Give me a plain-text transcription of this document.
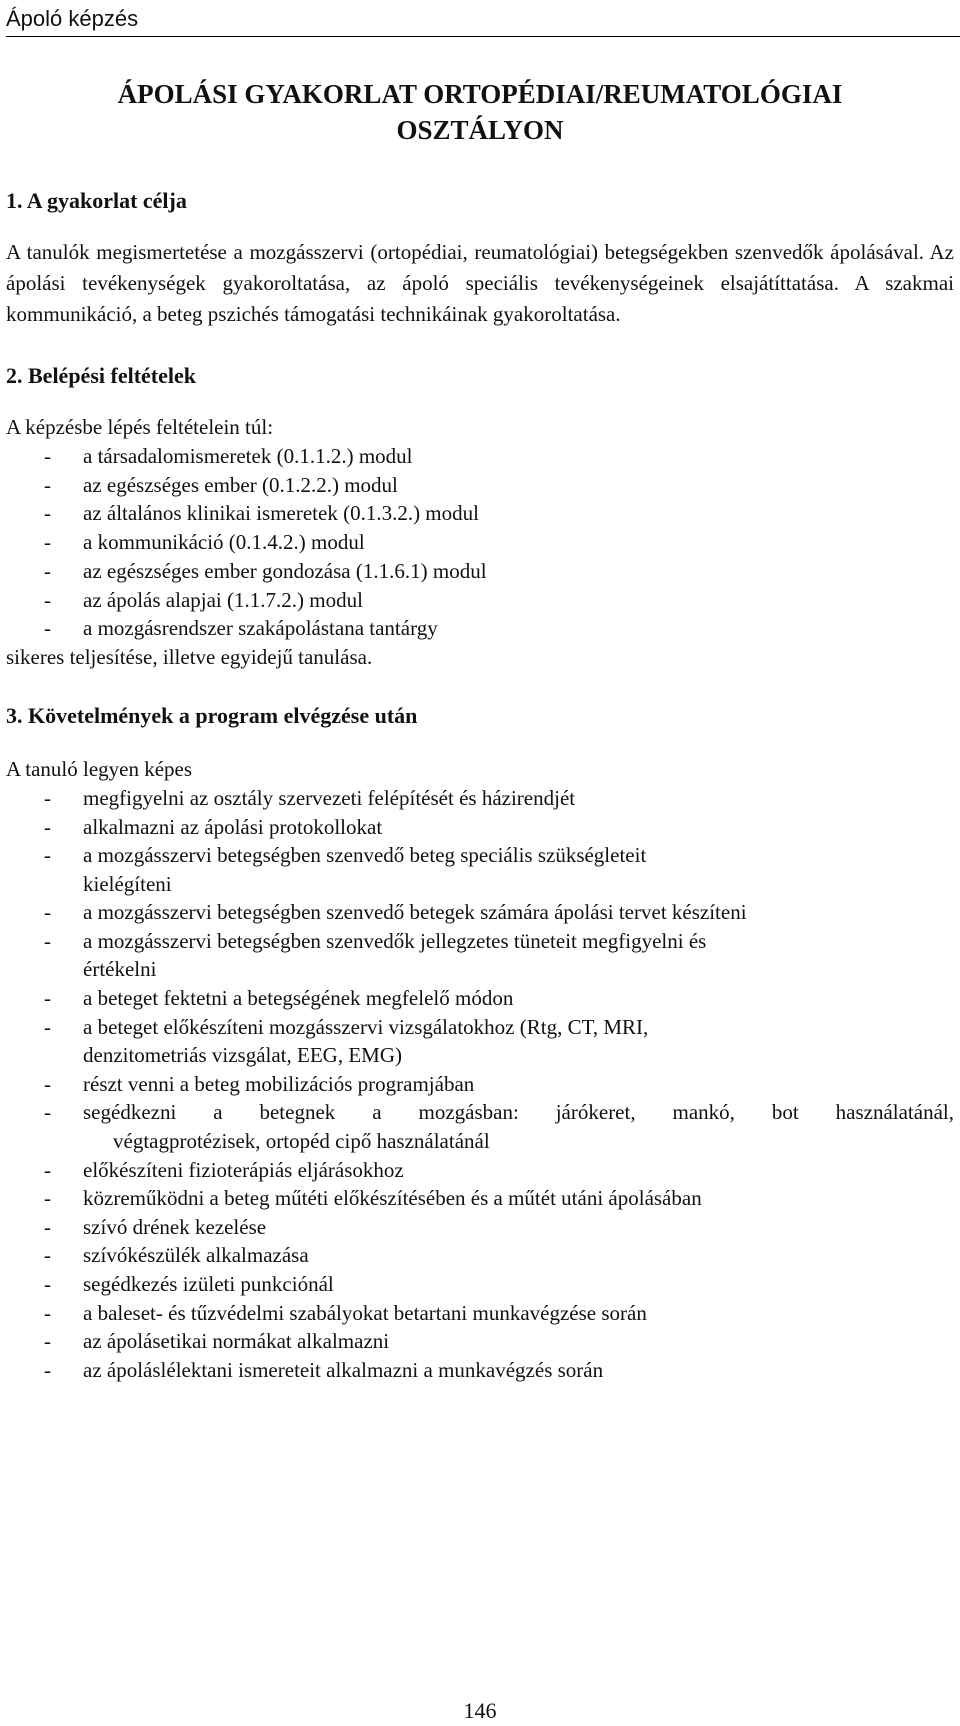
Ápoló képzés
ÁPOLÁSI GYAKORLAT ORTOPÉDIAI/REUMATOLÓGIAI
OSZTÁLYON
1. A gyakorlat célja

A tanulók megismertetése a mozgásszervi (ortopédiai, reumatológiai) betegségekben szenvedők ápolásával. Az ápolási tevékenységek gyakoroltatása, az ápoló speciális tevékenységeinek elsajátíttatása. A szakmai kommunikáció, a beteg pszichés támogatási technikáinak gyakoroltatása.

2. Belépési feltételek

A képzésbe lépés feltételein túl:

- a társadalomismeretek (0.1.1.2.) modul
- az egészséges ember (0.1.2.2.) modul
- az általános klinikai ismeretek (0.1.3.2.) modul
- a kommunikáció (0.1.4.2.) modul
- az egészséges ember gondozása (1.1.6.1) modul
- az ápolás alapjai (1.1.7.2.) modul
- a mozgásrendszer szakápolástana tantárgy

sikeres teljesítése, illetve egyidejű tanulása.

3. Követelmények a program elvégzése után

A tanuló legyen képes

- megfigyelni az osztály szervezeti felépítését és házirendjét
- alkalmazni az ápolási protokollokat
- a mozgásszervi betegségben szenvedő beteg speciális szükségleteit
kielégíteni
- a mozgásszervi betegségben szenvedő betegek számára ápolási tervet készíteni
- a mozgásszervi betegségben szenvedők jellegzetes tüneteit megfigyelni és
értékelni
- a beteget fektetni a betegségének megfelelő módon
- a beteget előkészíteni mozgásszervi vizsgálatokhoz (Rtg, CT, MRI,
denzitometriás vizsgálat, EEG, EMG)
- részt venni a beteg mobilizációs programjában
- segédkezni a betegnek a mozgásban: járókeret, mankó, bot használatánál,
végtagprotézisek, ortopéd cipő használatánál
- előkészíteni fizioterápiás eljárásokhoz
- közreműködni a beteg műtéti előkészítésében és a műtét utáni ápolásában
- szívó drének kezelése
- szívókészülék alkalmazása
- segédkezés izületi punkciónál
- a baleset- és tűzvédelmi szabályokat betartani munkavégzése során
- az ápolásetikai normákat alkalmazni
- az ápoláslélektani ismereteit alkalmazni a munkavégzés során
146
